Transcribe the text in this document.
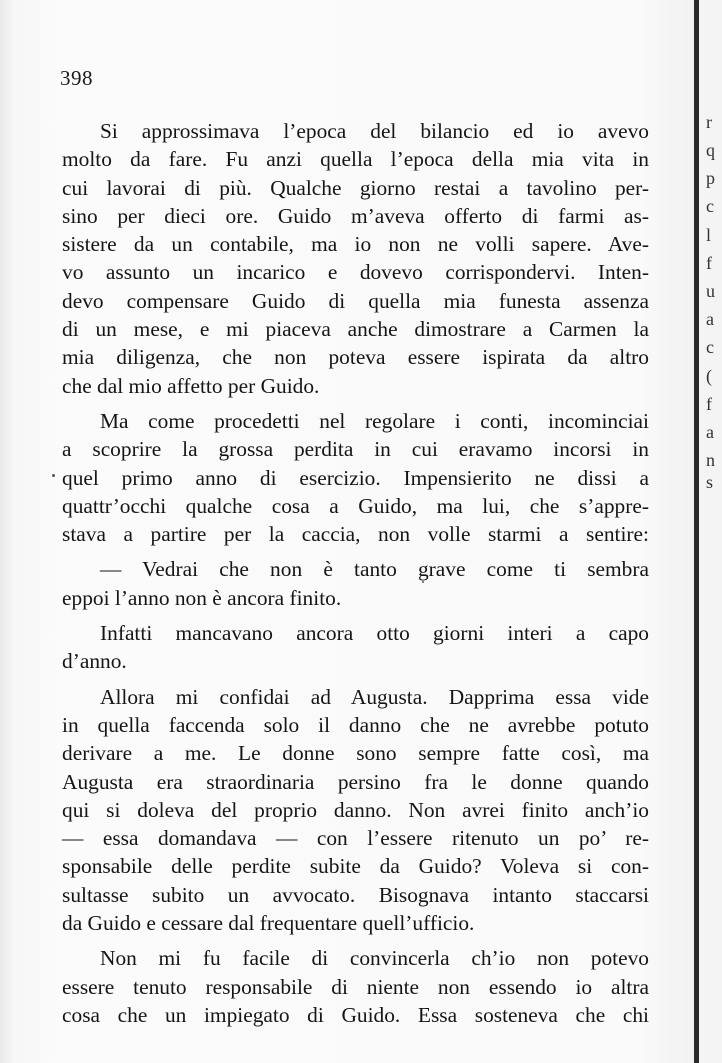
398

Si approssimava l’epoca del bilancio ed io avevo
molto da fare. Fu anzi quella l’epoca della mia vita in
cui lavorai di più. Qualche giorno restai a tavolino per-
sino per dieci ore. Guido m’aveva offerto di farmi as-
sistere da un contabile, ma io non ne volli sapere. Ave-
vo assunto un incarico e dovevo corrispondervi. Inten-
devo compensare Guido di quella mia funesta assenza
di un mese, e mi piaceva anche dimostrare a Carmen la
mia diligenza, che non poteva essere ispirata da altro
che dal mio affetto per Guido.

Ma come procedetti nel regolare i conti, incominciai
a scoprire la grossa perdita in cui eravamo incorsi in
quel primo anno di esercizio. Impensierito ne dissi a
quattr’occhi qualche cosa a Guido, ma lui, che s’appre-
stava a partire per la caccia, non volle starmi a sentire:

— Vedrai che non è tanto grave come ti sembra
eppoi l’anno non è ancora finito.

Infatti mancavano ancora otto giorni interi a capo
d’anno.

Allora mi confidai ad Augusta. Dapprima essa vide
in quella faccenda solo il danno che ne avrebbe potuto
derivare a me. Le donne sono sempre fatte così, ma
Augusta era straordinaria persino fra le donne quando
qui si doleva del proprio danno. Non avrei finito anch’io
— essa domandava — con l’essere ritenuto un po’ re-
sponsabile delle perdite subite da Guido? Voleva si con-
sultasse subito un avvocato. Bisognava intanto staccarsi
da Guido e cessare dal frequentare quell’ufficio.

Non mi fu facile di convincerla ch’io non potevo
essere tenuto responsabile di niente non essendo io altra
cosa che un impiegato di Guido. Essa sosteneva che chi

r
q
p
c
l
f
u
a
c
(
f
a
n
s
